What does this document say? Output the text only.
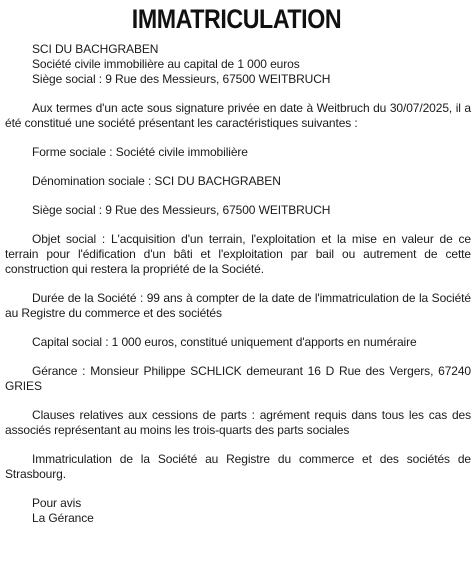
IMMATRICULATION

SCI DU BACHGRABEN

Société civile immobilière au capital de 1 000 euros

Siège social : 9 Rue des Messieurs, 67500 WEITBRUCH

Aux termes d'un acte sous signature privée en date à Weitbruch du 30/07/2025, il a été constitué une société présentant les caractéristiques suivantes :

Forme sociale : Société civile immobilière

Dénomination sociale : SCI DU BACHGRABEN

Siège social : 9 Rue des Messieurs, 67500 WEITBRUCH

Objet social : L'acquisition d'un terrain, l'exploitation et la mise en valeur de ce terrain pour l'édification d'un bâti et l'exploitation par bail ou autrement de cette construction qui restera la propriété de la Société.

Durée de la Société : 99 ans à compter de la date de l'immatriculation de la Société au Registre du commerce et des sociétés

Capital social : 1 000 euros, constitué uniquement d'apports en numéraire

Gérance : Monsieur Philippe SCHLICK demeurant 16 D Rue des Vergers, 67240 GRIES

Clauses relatives aux cessions de parts : agrément requis dans tous les cas des associés représentant au moins les trois-quarts des parts sociales

Immatriculation de la Société au Registre du commerce et des sociétés de Strasbourg.

Pour avis

La Gérance
